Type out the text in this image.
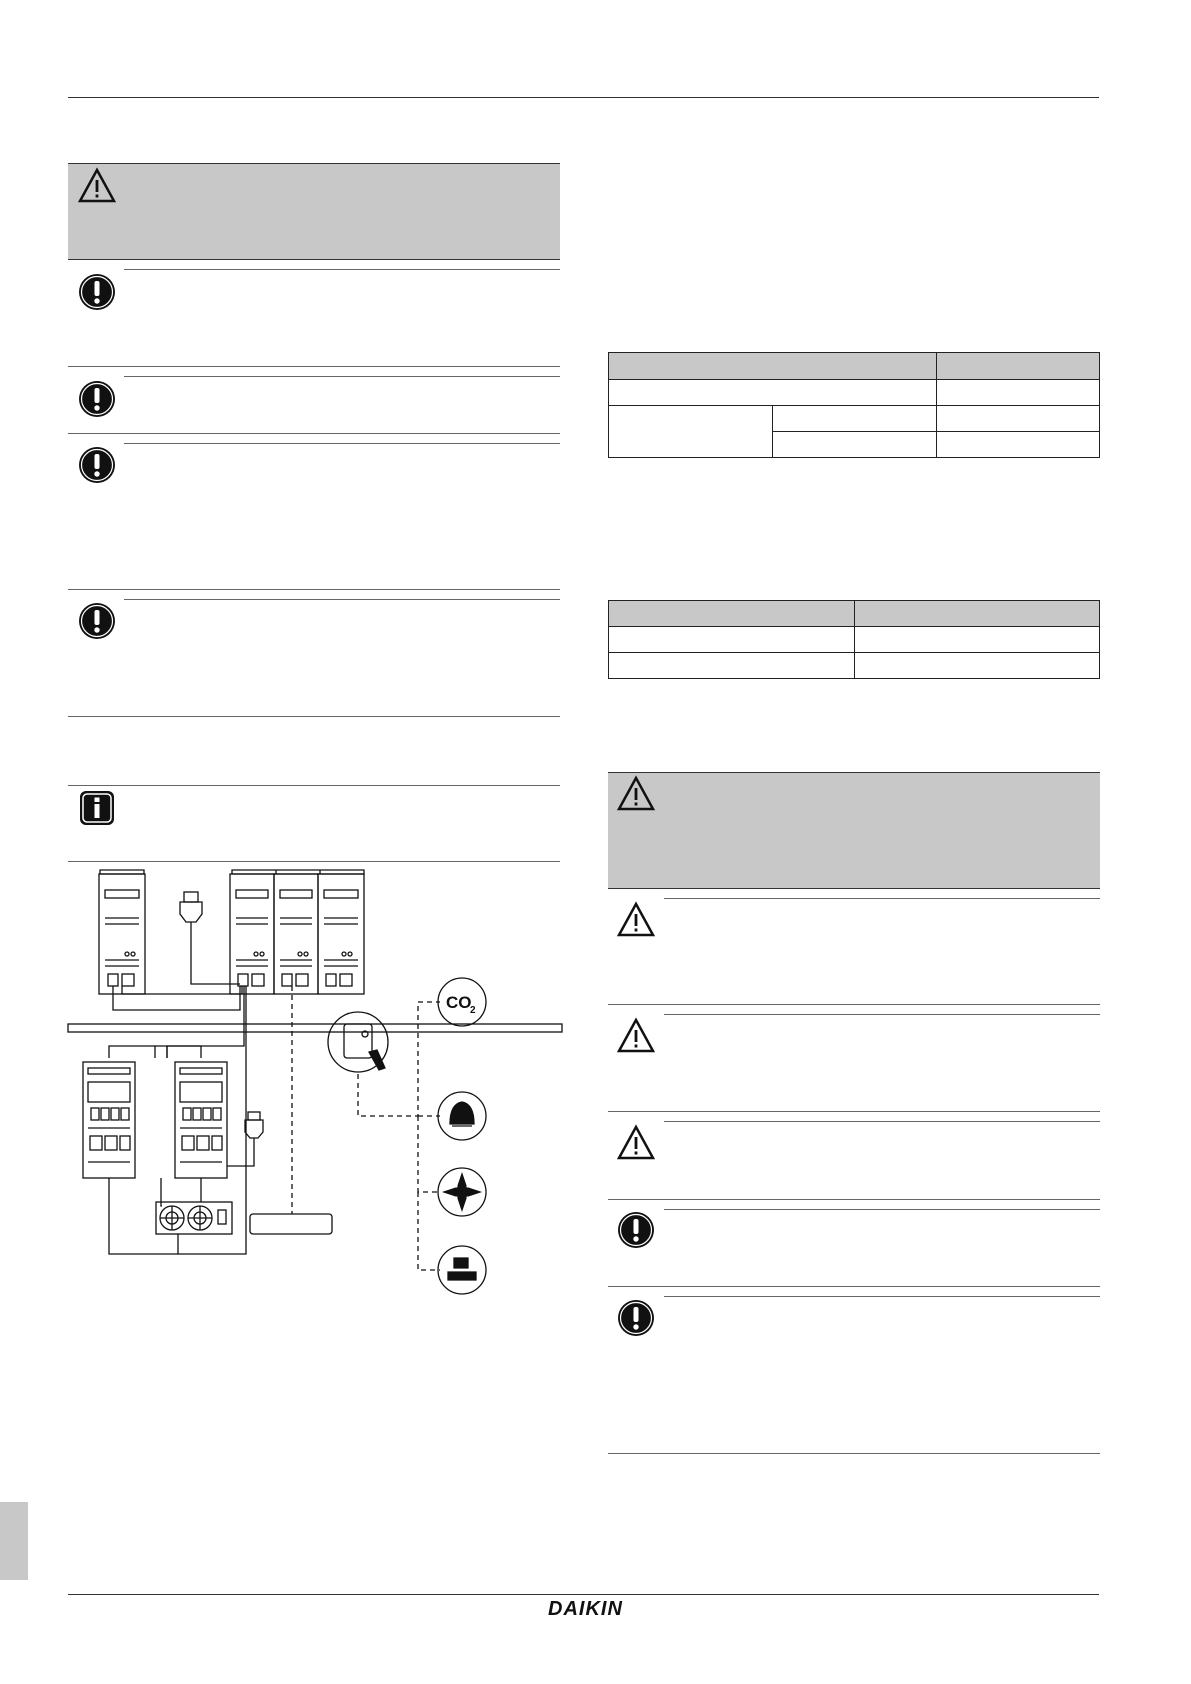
CO
2

DAIKIN
